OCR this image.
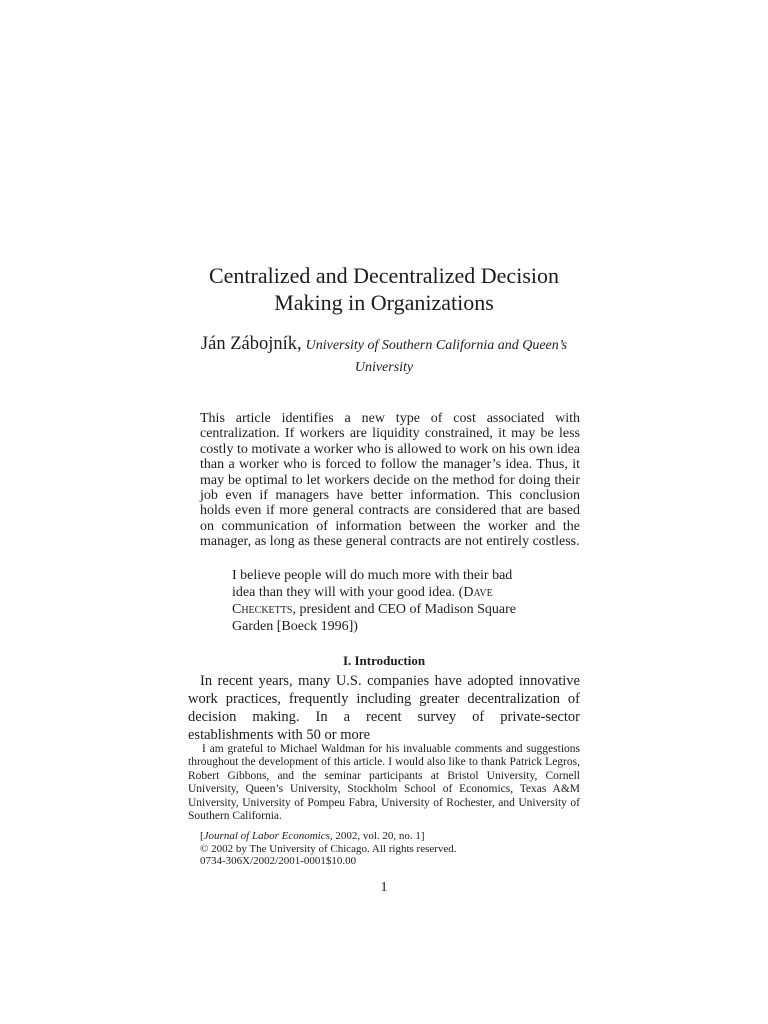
Centralized and Decentralized Decision
Making in Organizations

Ján Zábojník, University of Southern California and Queen’s
University

This article identifies a new type of cost associated with centralization. If workers are liquidity constrained, it may be less costly to motivate a worker who is allowed to work on his own idea than a worker who is forced to follow the manager’s idea. Thus, it may be optimal to let workers decide on the method for doing their job even if managers have better information. This conclusion holds even if more general contracts are considered that are based on communication of information between the worker and the manager, as long as these general contracts are not entirely costless.

I believe people will do much more with their bad idea than they will with your good idea. (Dave Checketts, president and CEO of Madison Square Garden [Boeck 1996])

I. Introduction

In recent years, many U.S. companies have adopted innovative work practices, frequently including greater decentralization of decision making. In a recent survey of private-sector establishments with 50 or more

I am grateful to Michael Waldman for his invaluable comments and suggestions throughout the development of this article. I would also like to thank Patrick Legros, Robert Gibbons, and the seminar participants at Bristol University, Cornell University, Queen’s University, Stockholm School of Economics, Texas A&M University, University of Pompeu Fabra, University of Rochester, and University of Southern California.

[Journal of Labor Economics, 2002, vol. 20, no. 1]
© 2002 by The University of Chicago. All rights reserved.
0734-306X/2002/2001-0001$10.00

1
